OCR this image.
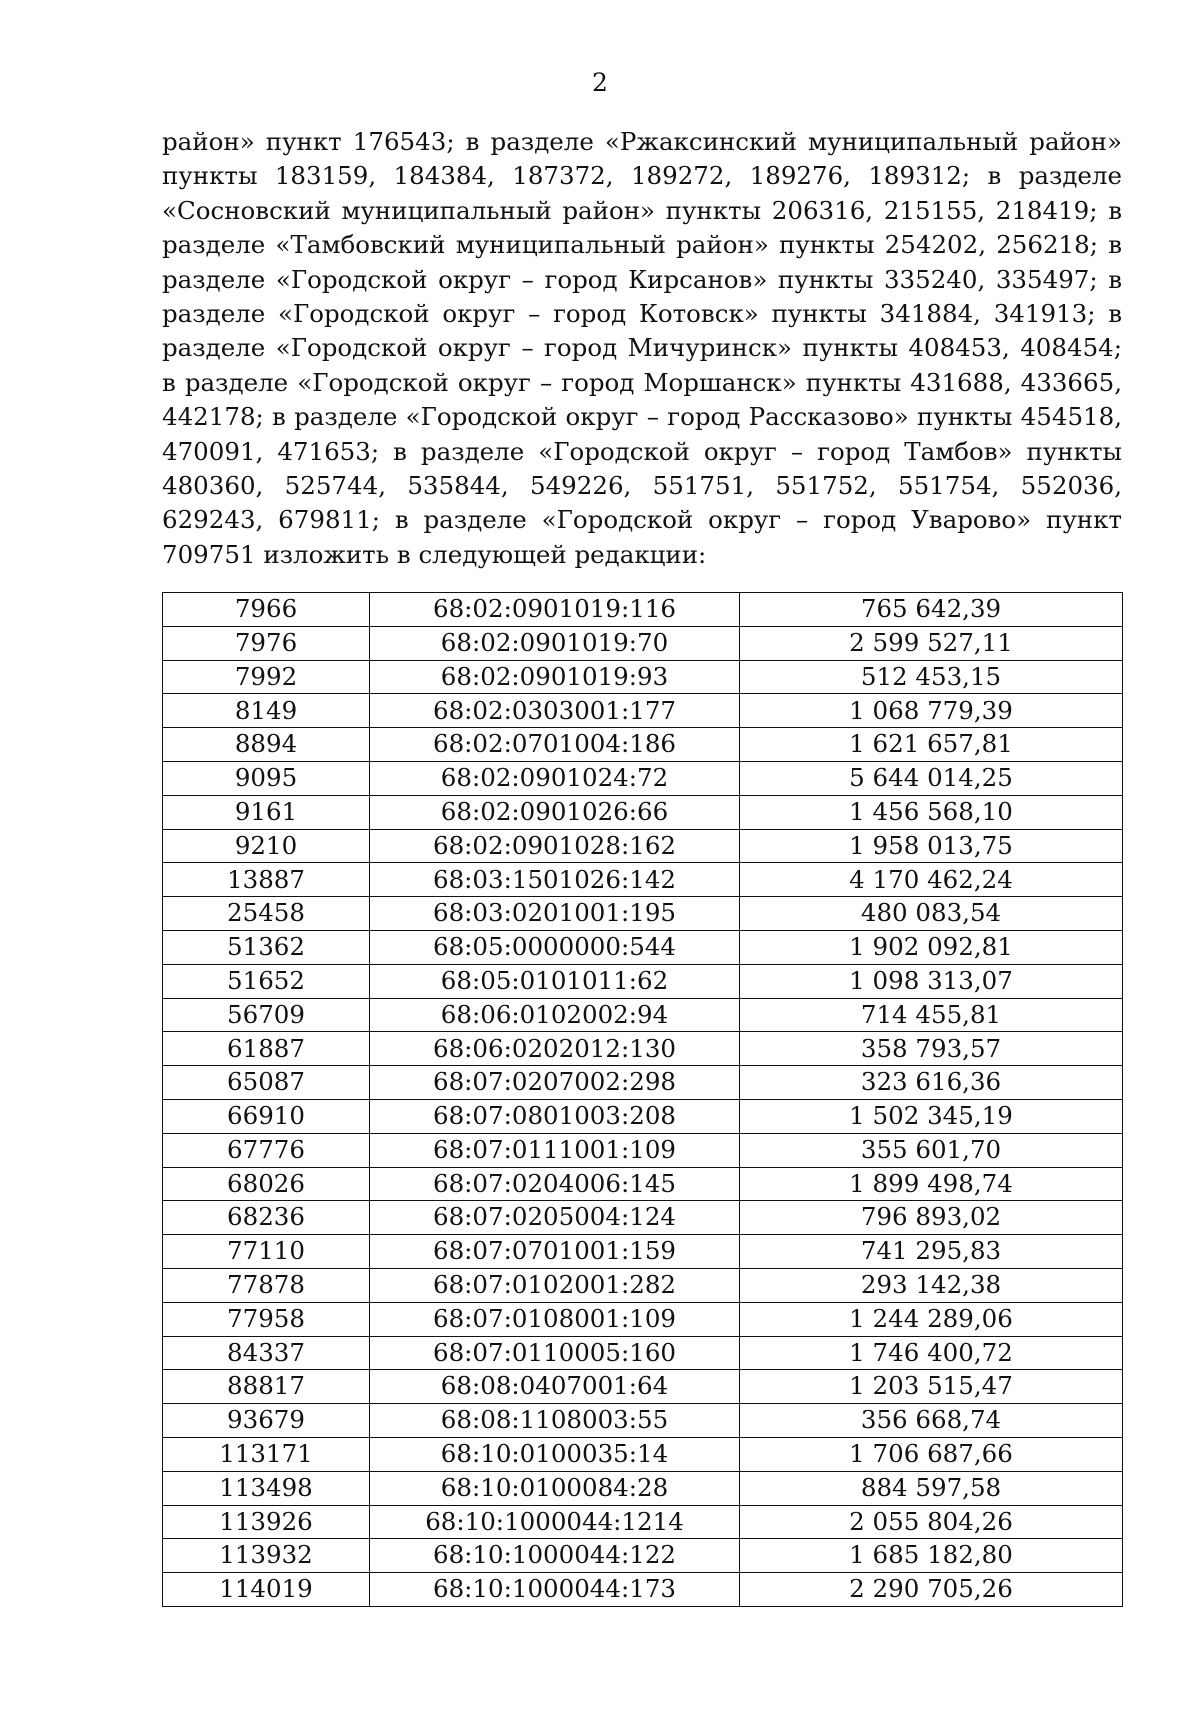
2

район» пункт 176543; в разделе «Ржаксинский муниципальный район» пункты 183159, 184384, 187372, 189272, 189276, 189312; в разделе «Сосновский муниципальный район» пункты 206316, 215155, 218419; в разделе «Тамбовский муниципальный район» пункты 254202, 256218; в разделе «Городской округ – город Кирсанов» пункты 335240, 335497; в разделе «Городской округ – город Котовск» пункты 341884, 341913; в разделе «Городской округ – город Мичуринск» пункты 408453, 408454; в разделе «Городской округ – город Моршанск» пункты 431688, 433665, 442178; в разделе «Городской округ – город Рассказово» пункты 454518, 470091, 471653; в разделе «Городской округ – город Тамбов» пункты 480360, 525744, 535844, 549226, 551751, 551752, 551754, 552036, 629243, 679811; в разделе «Городской округ – город Уварово» пункт 709751 изложить в следующей редакции:

7966	68:02:0901019:116	765 642,39
7976	68:02:0901019:70	2 599 527,11
7992	68:02:0901019:93	512 453,15
8149	68:02:0303001:177	1 068 779,39
8894	68:02:0701004:186	1 621 657,81
9095	68:02:0901024:72	5 644 014,25
9161	68:02:0901026:66	1 456 568,10
9210	68:02:0901028:162	1 958 013,75
13887	68:03:1501026:142	4 170 462,24
25458	68:03:0201001:195	480 083,54
51362	68:05:0000000:544	1 902 092,81
51652	68:05:0101011:62	1 098 313,07
56709	68:06:0102002:94	714 455,81
61887	68:06:0202012:130	358 793,57
65087	68:07:0207002:298	323 616,36
66910	68:07:0801003:208	1 502 345,19
67776	68:07:0111001:109	355 601,70
68026	68:07:0204006:145	1 899 498,74
68236	68:07:0205004:124	796 893,02
77110	68:07:0701001:159	741 295,83
77878	68:07:0102001:282	293 142,38
77958	68:07:0108001:109	1 244 289,06
84337	68:07:0110005:160	1 746 400,72
88817	68:08:0407001:64	1 203 515,47
93679	68:08:1108003:55	356 668,74
113171	68:10:0100035:14	1 706 687,66
113498	68:10:0100084:28	884 597,58
113926	68:10:1000044:1214	2 055 804,26
113932	68:10:1000044:122	1 685 182,80
114019	68:10:1000044:173	2 290 705,26
